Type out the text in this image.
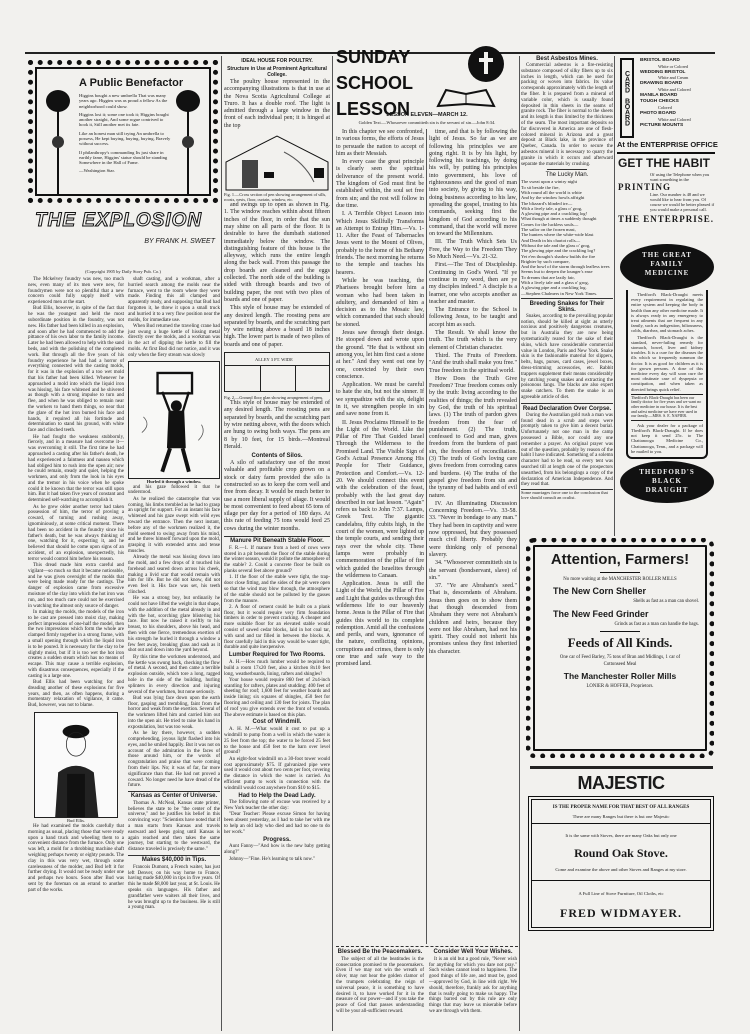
A Public Benefactor
Higgins bought a new umbrella That was many years ago. Higgins was as proud a fellow As the neighborhood could show.
Higgins lost it; some one took it; Higgins bought another straight, And some rogue contrived to hook it, Still another met its fate.
Like an honest man still trying An umbrella to possess, He kept buying, buying, buying, Bravely without success.
If philanthropy's commanding Its just share in earthly fame, Higgins' statue should be standing Somewhere in the Hall of Fame.
—Washington Star.
THE EXPLOSION
BY FRANK H. SWEET
(Copyright 1905 by Daily Story Pub. Co.)

The Mckelvey foundry was new, too much new, even many of its men were new, for foundrymen were not so plentiful that a new concern could fully supply itself with experienced men at the start.

Bud Ellis, however, in spite of the fact that he was the youngest and held the most subordinate position in the foundry, was not new. His father had been killed in an explosion, and soon after he had commenced to add the pittance of his own labor to the family income. Later he had been allowed to help with the sand beds, and with the polishing of the completed work. But through all the five years of his foundry experience he had had a horror of everything connected with the casting molds, for it was in the explosion of a too wet mold that his father had been killed. Whenever he approached a mold into which the liquid iron was hissing, his face whitened and he shivered as though with a strong impulse to turn and flee, and when he was obliged to remain near the workers to hand them things, so near that the glare of the hot iron burned his face and hands, it required all his fortitude and determination to stand his ground, with white face and clinched teeth.

He had fought the weakness stubbornly, fiercely, and in a measure had overcome it—was overcoming it still. The first time he had approached a casting after his father's death, he had experienced a faintness and nausea which had obliged him to rush into the open air; now he could remain, steady and quiet, helping the workmen, and only from the look in his eyes and the tremor in his voice when he spoke could it be known that the terror was still upon him. But it had taken five years of constant and determined self-watching to accomplish it.

As he grew older another terror had taken possession of him, the terror of proving a coward, of turning and rushing away, ignominiously, at some critical moment. There had been no accident in the foundry since his father's death, but he was always thinking of one, watching for it, expecting it, and he believed that should he come upon signs of an accident, of an explosion, unexpectedly, his terror would control him before his reason.

This dread made him extra careful and vigilant—so much so that it became noticeable, and he was given oversight of the molds that were being made ready for the castings. The danger of explosion came from excessive moisture of the clay into which the hot iron was run, and too much care could not be exercised in watching the almost only source of danger.

In making the molds, the models of the iron to be cast are pressed into moist clay, making perfect impressions of one-half the model, then the two impressions which form the whole are clamped firmly together in a strong frame, with a small opening through which the liquid iron is to be poured. It is necessary for the clay to be slightly moist, but if it is too wet the hot iron creates a sudden steam which has no means of escape. This may cause a terrible explosion, with disastrous consequences, especially if the casting is a large one.

Bud Ellis had been watching for and dreading another of these explosions for five years, and then, as often happens, during a momentary relaxation of vigilance, it came. Bud, however, was not to blame.

Bud Ellis.

He had examined the molds carefully that morning as usual, placing those that were ready upon a hand truck and wheeling them to a convenient distance from the furnace. Only one was left, a mold for a throbbing machine shaft weighing perhaps twenty or eighty pounds. The clay in this was very wet, through some carelessness of the molder, and Bud left it for further drying. It would not be ready under one and perhaps two hours. Soon after Bud was sent by the foreman on an errand to another part of the works.

shaft casting, and a workman, after a hurried search among the molds near the furnace, went to the room where they were made. Finding this all clamped and apparently ready, and supposing that Bud had forgotten it, he threw it upon a small truck and hurried it to a very flow position near the molds, for immediate use.

When Bud returned the traveling crane had just swung a huge kettle of hissing metal directly over the molds, and a workman was in the act of dipping the kettle to fill the molds. At first Bud did not notice, and it was only when the fiery stream was slowly

Hurled it through a window.

and his gaze followed it that he understood.

As he realized the catastrophe that was coming, his limbs trembled as he had to grasp an upright for support. For an instant his face whitened and his gaze swept with wild eyes toward the entrance. Then the next instant, before any of the workmen realized it, the mold seemed to swing away from his mind, and he threw himself forward upon the mold, grasping it with extended arms and tense muscles.

Already the metal was hissing down into the mold, and a few drops of it touched his forehead and seared down across his cheek, making a livid scar that would remain with him for life. But he did not know, did not even feel it. His face was set, his teeth clinched.

He was a strong boy, but ordinarily he could not have lifted the weight in that shape, with the addition of the metal already in and with the hot, scorching glare blistering his face. But now he raised it swiftly to his breast, to his shoulders, above his head, and then with one fierce, tremendous exertion of his strength he hurled it through a window a few feet away, breaking glass and sash as it shot out and down into the yard beyond.

By this time the workmen understood, and the kettle was swung back, checking the flow of metal. A second, and then came a terrible explosion outside, which tore a long, ragged hole in the side of the building, hurling splinters in every direction and injuring several of the workmen, but none seriously.

Bud was lying face down upon the earth floor, gasping and trembling, faint from the horror and weak from the exertion. Several of the workmen lifted him and carried him out into the open air. He tried to raise his hand in expostulation, but was too weak.

As he lay there, however, a sudden comprehending, joyous light flashed into his eyes, and he smiled happily. But it was not on account of the admiration in the faces of those around him, or the words of congratulation and praise that were coming from their lips. No; it was of far, far more significance than that. He had not proved a coward. No longer need he have dread of the future.

Kansas as Center of Universe.

Thomas A. McNeal, Kansas state printer, believes the state to be "the center of the universe," and he justifies his belief in this convincing way: "Scientists have noted that if a man starts from Kansas and travels eastward and keeps going until Kansas is again reached and then takes the same journey, but starting to the westward, the distance traveled is precisely the same."

Makes $40,000 in Tips.

Francois Dumont, a French waiter, has just left Denver, on his way home to France, having made $40,000 in tips in five years. Of this he made $8,000 last year, at St. Louis. He speaks six languages. His father and grandfather were waiters all their lives, and he was brought up to the business. He is still a young man.

IDEAL HOUSE FOR POULTRY.
Structure in Use at Prominent Agricultural College.

The poultry house represented in the accompanying illustrations is that in use at the Nova Scotia Agricultural College at Truro. It has a double roof. The light is admitted through a large window in the front of each individual pen; it is hinged at the top

Fig. 1.—Cross section of pen showing arrangement of sills, roosts, nests, floor, curtain, window, etc.

and swings up to open as shown in Fig. 1. The window reaches within about fifteen inches of the floor, in order that the sun may shine on all parts of the floor. It is desirable to have the dumbath stationed immediately below the window. The distinguishing feature of this house is the alleyway, which runs the entire length along the back wall. From this passage the drop boards are cleaned and the eggs collected. The north side of the building is sided with through boards and two of building paper, the rest with two plies of boards and one of paper.

This style of house may be extended of any desired length. The roosting pens are separated by boards, and the scratching part by wire netting above a board 18 inches high. The lower part is made of two plies of boards and one of paper.

ALLEY 3 FT. WIDE
Fig. 2.—Ground floor plan showing arrangement of pens.

This style of house may be extended of any desired length. The roosting pens are separated by boards, and the scratching part by wire netting above, with the doors which are hung to swing both ways. The pens are 8 by 10 feet, for 15 birds.—Montreal Herald.

Contents of Silos.

A silo of satisfactory use of the most valuable and profitable crop grown on a stock or dairy farm provided the silo is constructed so as to keep the corn well and free from decay. It would be much better to use a more liberal supply of silage. It would be most convenient to feed about 65 tons of silage per day for a period of 180 days. At this rate of feeding 75 tons would feed 25 cows during the winter months.

Manure Pit Beneath Stable Floor.

F. R.—1. If manure from a herd of cows were stored in a pit beneath the floor of the stable during the winter season, would it pollute the atmosphere of the stable? 2. Could a concrete floor be built on planks several feet above ground?

1. If the floor of the stable were tight, the trap-door close fitting, and the sides of the pit were open so that the wind may blow through, the atmosphere of the stable should not be polluted by the gasses from the manure.

2. A floor of cement could be built on a plank floor, but it would require very firm foundation timbers in order to prevent cracking. A cheaper and more suitable floor for an elevated stable would consist of sawed cedar blocks, laid in hot coal tar, with sand and tar filled in between the blocks. A floor carefully laid in this way would be water tight, durable and quite inexpensive.

Lumber Required for Two Rooms.

A. H.—How much lumber would be required to build a room 17x20 feet, also a kitchen 8x10 feet long, weatherboards, lining, rafters and shingles?

Your house would require 860 feet of 2x4-inch scantling for rafters, plates and studding; 400 feet of sheeting for roof; 1,600 feet for weather boards and inside lining; six squares of shingles, 450 feet for flooring and ceiling and 130 feet for joists. The plan of roof you give extends over the front of veranda. The above estimate is based on this plan.

Cost of Windmill.

A. H. M.—What would it cost to put up a windmill to pump from a well in which the water is 25 feet from the top; the water to be forced 25 feet to the house and 450 feet to the barn over level ground?

An eight-foot windmill on a 30-foot tower would cost approximately $75. If galvanized pipe were used it would cost about two cents per foot, covering the distance in which the water is carried. An efficient pump to work in connection with the windmill would cost anywhere from $10 to $15.

Had to Help the Dead Lady.

The following note of excuse was received by a New York teacher the other day:

"Dear Teacher: Please excuse Simon for having been absent yesterday, as I had to take her with me to help an old lady who died and had no one to do her work."

Progress.

Aunt Fanny—"And how is the new baby getting along?"

Johnny—"Fine. He's learning to talk now."

SUNDAY SCHOOL LESSON
LESSON ELEVEN—MARCH 12.
Golden Text.—Whosoever committeth sin is the servant of sin.—John 8:34.

In this chapter we see confronted, in various forms, the efforts of Jesus to persuade the nation to accept of him as their Messiah.

In every case the great principle is clearly seen the spiritual deliverance of the present world. The kingdom of God must first be established within, the soul set free from sin; and the rest will follow in due time.

I. A Terrible Object Lesson into Which Jesus Skillfully Transforms an Attempt to Entrap Him.—Vs. 1-11. After the Feast of Tabernacles Jesus went to the Mount of Olives, probably to the home of his Bethany friends. The next morning he returns to the temple and teaches his hearers.

While he was teaching, the Pharisees brought before him a woman who had been taken in adultery, and demanded of him a decision as to the Mosaic law, which commanded that such should be stoned.

Jesus saw through their design. He stooped down and wrote upon the ground. "He that is without sin among you, let him first cast a stone at her." And they went out one by one, convicted by their own conscience.

Application. We must be careful to hate the sin, but not the sinner. If we sympathize with the sin, delight in it, we strengthen people in sin and save none from it.

II. Jesus Proclaims Himself to Be the Light of the World. Like the Pillar of Fire That Guided Israel Through the Wilderness to the Promised Land. The Visible Sign of God's Actual Presence Among His People for Their Guidance, Protection and Comfort.—Vs. 12-20. We should connect this event with the celebration of the feast, probably with the last great day described in our last lesson. "Again" refers us back to John 7:37. Lamps, Greek Text. The gigantic candelabra, fifty cubits high, in the court of the women, were lighted up the temple courts, and sending their rays over the whole city. These lamps were probably in commemoration of the pillar of fire which guided the Israelites through the wilderness to Canaan.

Application. Jesus is still the Light of the World, the Pillar of Fire and Light that guides us through this wilderness life to our heavenly home. Jesus is the Pillar of Fire that guides this world to its complete redemption. Amid all the confusions and perils, and wars, ignorance of the nature, conflicting opinions, corruptions and crimes, there is only one true and safe way to the promised land.

time, and that is by following the light of Jesus. So far as we are following his principles we are going right. It is by his light, by following his teachings, by doing his will, by putting his principles into government, his love of righteousness and the good of man into society, by giving to his way, doing business according to his law, spreading the gospel, trusting to his commands, seeking first the kingdom of God according to his command, that the world will move on toward the Millennium.

III. The Truth Which Sets Us Free, the Way to the Freedom They So Much Need.—Vs. 21-32.

First.—The Test of Discipleship. Continuing in God's Word. "If ye continue in my word, then are ye my disciples indeed." A disciple is a learner, one who accepts another as teacher and master.

The Entrance to the School is following Jesus, to be taught and accept him as such.

The Result. Ye shall know the truth. The truth which is the very element of Christian character.

Third. The Fruits of Freedom. "And the truth shall make you free." True freedom in the spiritual world.

How Does the Truth Give Freedom? True freedom comes only by the truth: living according to the realities of things; the truth revealed by God, the truth of his spiritual laws. (1) The truth of pardon gives freedom from the fear of punishment. (2) The truth, confessed to God and man, gives freedom from the burdens of past sin, the freedom of reconciliation. (3) The truth of God's loving care gives freedom from corroding cares and burdens. (4) The truths of the gospel give freedom from sin and the tyranny of bad habits and of evil nature.

IV. An Illuminating Discussion Concerning Freedom.—Vs. 33-58. 33. "Never in bondage to any man." They had been in captivity and were now oppressed, but they possessed much civil liberty. Probably they were thinking only of personal slavery.

34. "Whosoever committeth sin is the servant (bondservant, slave) of sin."

37. "Ye are Abraham's seed." That is, descendants of Abraham. Jesus then goes on to show them that though descended from Abraham they were not Abraham's children and heirs, because they were not like Abraham, had not his spirit. They could not inherit his promises unless they first inherited his character.

Blessed Be the Peacemakers.

The subject of all the beatitudes is the consecration promised to the peacemakers. Even if we may not win the wreath of olive; may not hear the golden clamor of the trumpets celebrating the reign of universal peace, it is something to have desired it, to have worked for it in the measure of our power—and if you take the peace of God that passes understanding will be your all-sufficient reward.

Consider Well Your Wishes.

It is an old but a good rule, "Never wish for anything for which you dare not pray." Such wishes cannot lead to happiness. The good things of life are, and must be, good—approved by God, in line with right. We should, therefore, frankly ask for anything that is really going to make us happy. The things barred out by this rule are only things that may leave us miserable before we are through with them.

Best Asbestos Mines.

Commercial asbestos is a fire-resisting substance composed of silky fibers up to six inches in length, which can be used for packing or woven into fabrics. Its value corresponds approximately with the length of the fiber. It is prepared from a mineral of variable color, which is usually found deposited in thin sheets in the seams of granite rock. The fiber is normal to the sheets and its length is thus limited by the thickness of the seam. The most important deposits so far discovered in America are one of flesh-colored mineral in Arizona and a great deposit at Black lake, in the province of Quebec, Canada. In order to secure the asbestos mineral it is necessary to quarry the granite in which it occurs and afterward separate the materials by crushing.

The Lucky Man.
The sweat upon a wintry night
To sit beside the fire,
With round all the world is white
And by the window howls affright
The blizzard's blinded ire—
With a lively tale, a glass o' grog,
A glowing pipe and a crackling log!
What though at times a suddenly thought
Comes for the luckless souls—
The sailor on the frozen mast,
The hunters where the white-wide blast
And Death in his chariot rolls—
Without the tale and the glass o' grog,
The glowing pipe and the crackling log?
Yet e'en thought's shadow builds the fire
Brighter by such compare,
And the howl of the storm through leafless trees
Seems but to deepen the lounger's ease
To dreams that are lazily fair,
With a lively tale and a glass o' grog,
A glowing pipe and a crackling log.
—Stephen Chalmers in New York Times.
Breeding Snakes for Their Skins.

Snakes, according to the prevailing popular notion, should be killed at sight as utterly noxious and positively dangerous creatures, but in Australia they are now being systematically reared for the sake of their skins, which have considerable commercial value in London, Paris and New York. Snake skin is the fashionable material for slippers, belts, bags, purses, card cases, jewel boxes, dress-trimming accessories, etc. Rabbit trappers supplement their means considerably by catching young snakes and extracting the poisonous fangs. The blacks are also expert snake catchers. To them the snake is an agreeable article of diet.

Read Declaration Over Corpse.

During the Australian gold rush a man was found dead in a scrub and steps were promptly taken to give him a decent burial. Unfortunately not one man in the camp possessed a Bible, nor could any one remember a prayer. An original prayer was out of the question, probably by reason of the habit I have indicated. Something of a solemn character had to be read, so every tent was searched till at length one of the prospectors unearthed, from his belongings a copy of the declaration of American Independence. And they read that.

Some marriages force one to the conclusion that love should consult an oculist.
CARD BOARD
BRISTOL BOARD
White or Colored
WEDDING BRISTOL
White and Cream
DRAWING BOARD
White and Colored
MANILA BOARD
TOUGH CHECKS
Colored
PHOTO BOARD
White and Colored
PICTURE MOUNTS
At the ENTERPRISE OFFICE
GET THE HABIT
Of using the Telephone when you want something in the
PRINTING
Line. Our number is 48 and we would like to hear from you. Of course we would be better pleased if you would make a personal call.
THE ENTERPRISE.
THE GREAT FAMILY MEDICINE

Thedford's Black-Draught meets every requirement in regulating the entire system and keeping the body in health than any other medicine made. It is always ready in any emergency to treat ailments that are frequent in any family, such as indigestion, biliousness, colds, diarrhea, and stomach aches.

Thedford's Black-Draught is the standard, never-failing remedy for stomach, bowel, liver and kidney troubles. It is a cure for the diseases the ills which so frequently summon the doctor. It is as good for children as it is for grown persons. A dose of this medicine every day will soon cure the most obstinate case of dyspepsia or constipation, and when taken as directed brings quick relief.

Thedford's Black-Draught has been our family doctor for five years and we want no other medicine in our house. It is the best and safest medicine we have ever used in our family.—MRS. S. E. NAPIER.

Ask your dealer for a package of Thedford's Black-Draught. If he does not keep it send 25c. to The Chattanooga Medicine Co., Chattanooga, Tenn., and a package will be mailed to you.

THEDFORD'S BLACK DRAUGHT
Attention, Farmers!
No more waiting at the MANCHESTER ROLLER MILLS
The New Corn Sheller
Shells as fast as a man can shovel.
The New Feed Grinder
Grinds as fast as a man can handle the bags.
Feeds of All Kinds.
One car of Feed Barley, 75 tons of Bran and Midlings, 1 car of Cottonseed Meal
The Manchester Roller Mills
LONIER & HOFFER, Proprietors.
MAJESTIC
IS THE PROPER NAME FOR THAT BEST OF ALL RANGES
There are many Ranges but there is but one Majestic
It is the same with Stoves, there are many Oaks but only one
Round Oak Stove.
Come and examine the above and other Stoves and Ranges at my store.
A Full Line of Stove Furniture, Oil Cloths, etc
FRED WIDMAYER.
